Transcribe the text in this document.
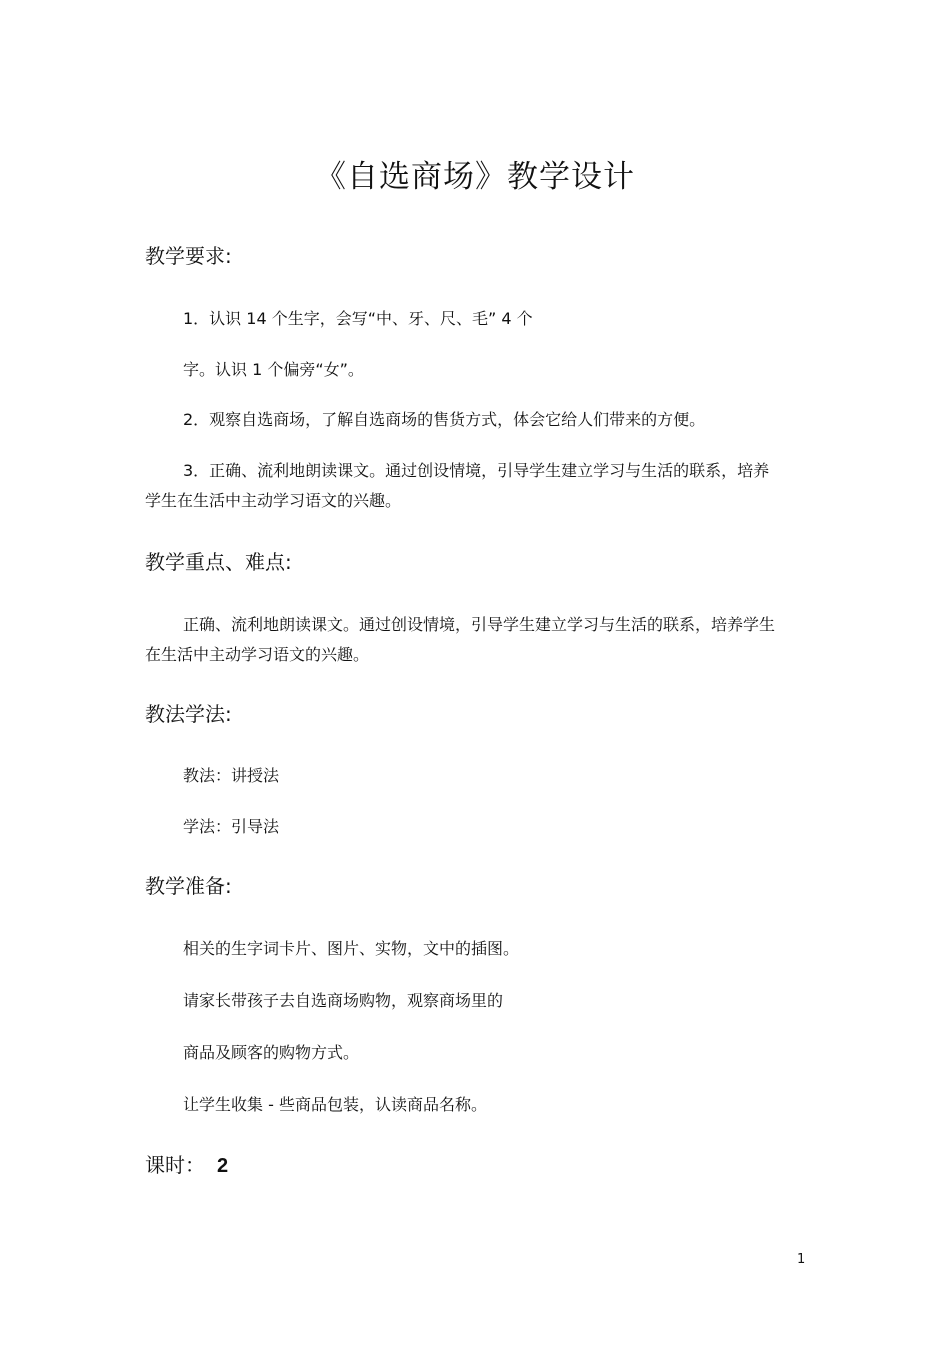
《自选商场》教学设计
教学要求:
1．认识 14 个生字，会写“中、牙、尺、毛” 4 个
字。认识 1 个偏旁“女”。
2．观察自选商场，了解自选商场的售货方式，体会它给人们带来的方便。
3．正确、流利地朗读课文。通过创设情境，引导学生建立学习与生活的联系，培养学生在生活中主动学习语文的兴趣。
教学重点、难点:
正确、流利地朗读课文。通过创设情境，引导学生建立学习与生活的联系，培养学生在生活中主动学习语文的兴趣。
教法学法:
教法：讲授法
学法：引导法
教学准备:
相关的生字词卡片、图片、实物，文中的插图。
请家长带孩子去自选商场购物，观察商场里的
商品及顾客的购物方式。
让学生收集 - 些商品包装，认读商品名称。
课时： 2
1
